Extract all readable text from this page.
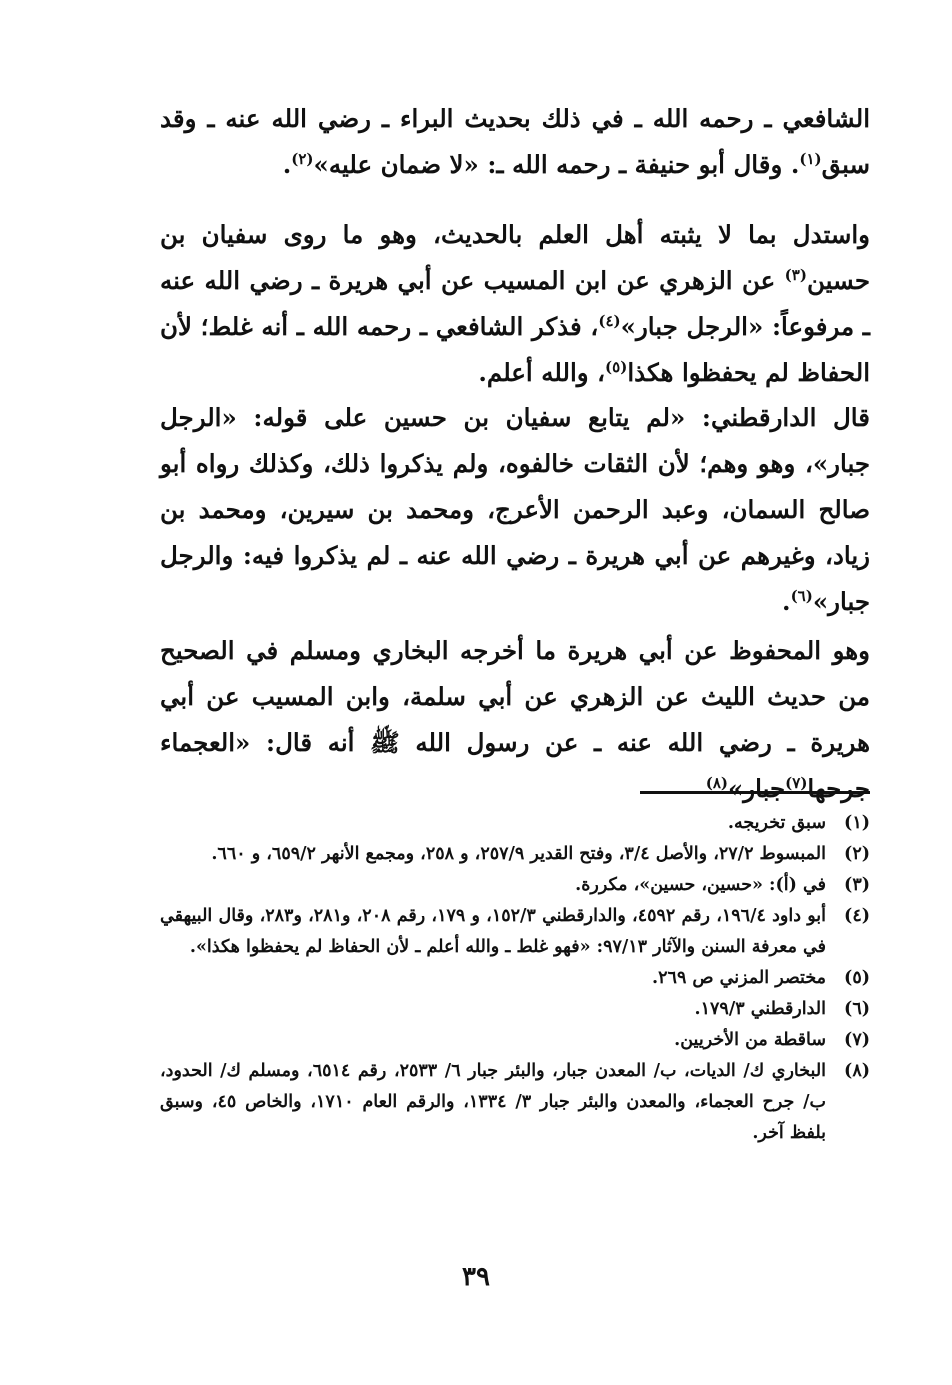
الشافعي ـ رحمه الله ـ في ذلك بحديث البراء ـ رضي الله عنه ـ وقد سبق$^{(١)}$. وقال أبو حنيفة ـ رحمه الله ـ: «لا ضمان عليه»$^{(٢)}$.

واستدل بما لا يثبته أهل العلم بالحديث، وهو ما روى سفيان بن حسين$^{(٣)}$ عن الزهري عن ابن المسيب عن أبي هريرة ـ رضي الله عنه ـ مرفوعاً: «الرجل جبار»$^{(٤)}$، فذكر الشافعي ـ رحمه الله ـ أنه غلط؛ لأن الحفاظ لم يحفظوا هكذا$^{(٥)}$، والله أعلم.

قال الدارقطني: «لم يتابع سفيان بن حسين على قوله: «الرجل جبار»، وهو وهم؛ لأن الثقات خالفوه، ولم يذكروا ذلك، وكذلك رواه أبو صالح السمان، وعبد الرحمن الأعرج، ومحمد بن سيرين، ومحمد بن زياد، وغيرهم عن أبي هريرة ـ رضي الله عنه ـ لم يذكروا فيه: والرجل جبار»$^{(٦)}$.

وهو المحفوظ عن أبي هريرة ما أخرجه البخاري ومسلم في الصحيح من حديث الليث عن الزهري عن أبي سلمة، وابن المسيب عن أبي هريرة ـ رضي الله عنه ـ عن رسول الله ﷺ أنه قال: «العجماء جرحها$^{(٧)}$جبار»$^{(٨)}$

(١)
سبق تخريجه.
(٢)
المبسوط ٢٧/٢، والأصل ٣/٤، وفتح القدير ٢٥٧/٩، و ٢٥٨، ومجمع الأنهر ٦٥٩/٢، و ٦٦٠.
(٣)
في (أ): «حسين، حسين»، مكررة.
(٤)
أبو داود ١٩٦/٤، رقم ٤٥٩٢، والدارقطني ١٥٢/٣، و ١٧٩، رقم ٢٠٨، و٢٨١، و٢٨٣، وقال البيهقي في معرفة السنن والآثار ٩٧/١٣: «فهو غلط ـ والله أعلم ـ لأن الحفاظ لم يحفظوا هكذا».
(٥)
مختصر المزني ص ٢٦٩.
(٦)
الدارقطني ١٧٩/٣.
(٧)
ساقطة من الأخريين.
(٨)
البخاري ك/ الديات، ب/ المعدن جبار، والبئر جبار ٦/ ٢٥٣٣، رقم ٦٥١٤، ومسلم ك/ الحدود، ب/ جرح العجماء، والمعدن والبئر جبار ٣/ ١٣٣٤، والرقم العام ١٧١٠، والخاص ٤٥، وسبق بلفظ آخر.
٣٩
